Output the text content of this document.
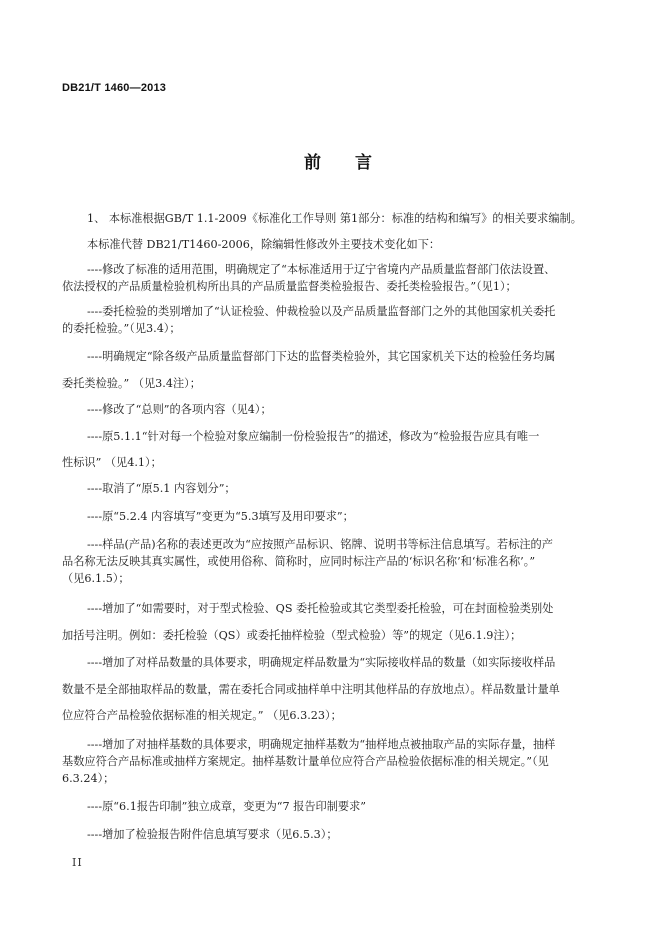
DB21/T 1460—2013
前 言
1、 本标准根据GB/T 1.1-2009《标准化工作导则 第1部分：标准的结构和编写》的相关要求编制。
本标准代替 DB21/T1460-2006，除编辑性修改外主要技术变化如下：
----修改了标准的适用范围，明确规定了“本标准适用于辽宁省境内产品质量监督部门依法设置、
依法授权的产品质量检验机构所出具的产品质量监督类检验报告、委托类检验报告。”（见1）；
----委托检验的类别增加了“认证检验、仲裁检验以及产品质量监督部门之外的其他国家机关委托
的委托检验。”（见3.4）；
----明确规定“除各级产品质量监督部门下达的监督类检验外，其它国家机关下达的检验任务均属
委托类检验。” （见3.4注）；
----修改了“总则”的各项内容（见4）；
----原5.1.1“针对每一个检验对象应编制一份检验报告”的描述，修改为“检验报告应具有唯一
性标识” （见4.1）；
----取消了“原5.1 内容划分”；
----原“5.2.4 内容填写”变更为“5.3填写及用印要求”；
----样品(产品)名称的表述更改为“应按照产品标识、铭牌、说明书等标注信息填写。若标注的产
品名称无法反映其真实属性，或使用俗称、简称时，应同时标注产品的‘标识名称’和‘标准名称’。”
（见6.1.5）；
----增加了“如需要时，对于型式检验、QS 委托检验或其它类型委托检验，可在封面检验类别处
加括号注明。例如：委托检验（QS）或委托抽样检验（型式检验）等”的规定（见6.1.9注）；
----增加了对样品数量的具体要求，明确规定样品数量为“实际接收样品的数量（如实际接收样品
数量不是全部抽取样品的数量，需在委托合同或抽样单中注明其他样品的存放地点）。样品数量计量单
位应符合产品检验依据标准的相关规定。” （见6.3.23）；
----增加了对抽样基数的具体要求，明确规定抽样基数为“抽样地点被抽取产品的实际存量，抽样
基数应符合产品标准或抽样方案规定。抽样基数计量单位应符合产品检验依据标准的相关规定。”（见
6.3.24）；
----原“6.1报告印制”独立成章，变更为“7 报告印制要求”
----增加了检验报告附件信息填写要求（见6.5.3）；
II
